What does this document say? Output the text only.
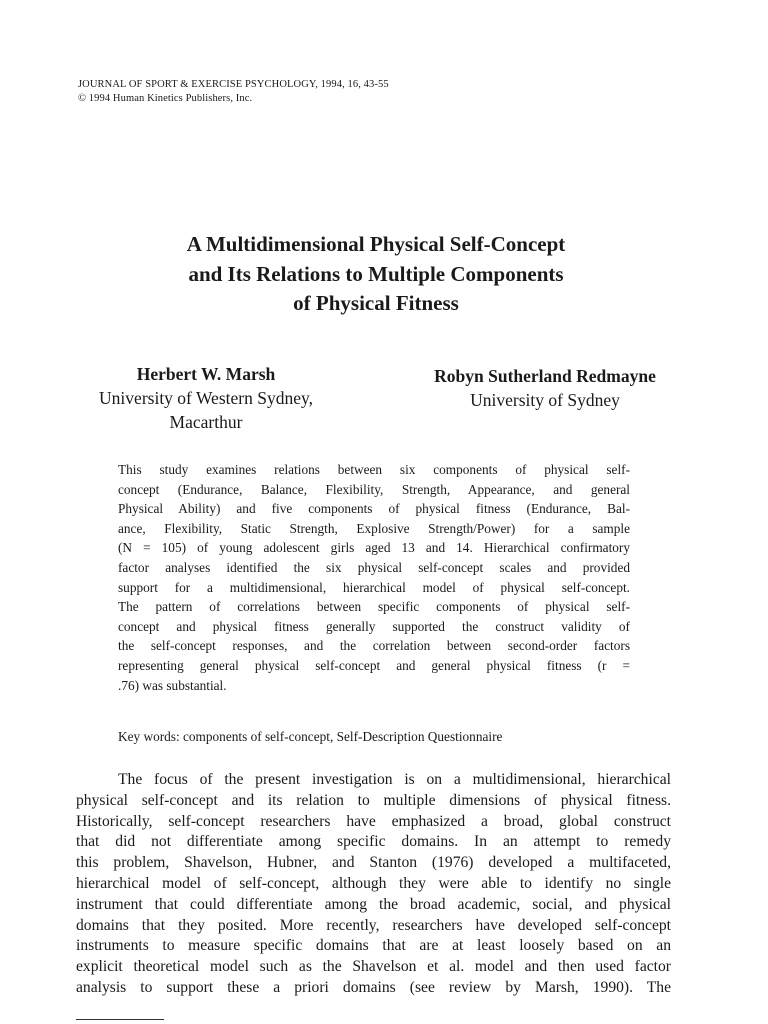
JOURNAL OF SPORT & EXERCISE PSYCHOLOGY, 1994, 16, 43-55
© 1994 Human Kinetics Publishers, Inc.
A Multidimensional Physical Self-Concept
and Its Relations to Multiple Components
of Physical Fitness
Herbert W. Marsh
University of Western Sydney,
Macarthur
Robyn Sutherland Redmayne
University of Sydney
This study examines relations between six components of physical self-
concept (Endurance, Balance, Flexibility, Strength, Appearance, and general
Physical Ability) and five components of physical fitness (Endurance, Bal-
ance, Flexibility, Static Strength, Explosive Strength/Power) for a sample
(N = 105) of young adolescent girls aged 13 and 14. Hierarchical confirmatory
factor analyses identified the six physical self-concept scales and provided
support for a multidimensional, hierarchical model of physical self-concept.
The pattern of correlations between specific components of physical self-
concept and physical fitness generally supported the construct validity of
the self-concept responses, and the correlation between second-order factors
representing general physical self-concept and general physical fitness (r =
.76) was substantial.
Key words: components of self-concept, Self-Description Questionnaire
The focus of the present investigation is on a multidimensional, hierarchical
physical self-concept and its relation to multiple dimensions of physical fitness.
Historically, self-concept researchers have emphasized a broad, global construct
that did not differentiate among specific domains. In an attempt to remedy
this problem, Shavelson, Hubner, and Stanton (1976) developed a multifaceted,
hierarchical model of self-concept, although they were able to identify no single
instrument that could differentiate among the broad academic, social, and physical
domains that they posited. More recently, researchers have developed self-concept
instruments to measure specific domains that are at least loosely based on an
explicit theoretical model such as the Shavelson et al. model and then used factor
analysis to support these a priori domains (see review by Marsh, 1990). The
